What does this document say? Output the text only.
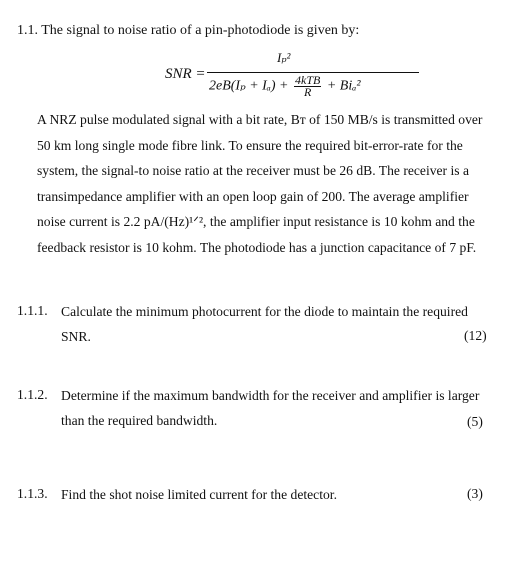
1.1. The signal to noise ratio of a pin-photodiode is given by:
SNR =
Iₚ²
$2eB(I_p + I_a) + \frac{\text{4kTB}}{R} + Bi_a^2$
A NRZ pulse modulated signal with a bit rate, Bᴛ of 150 MB/s is transmitted over
50 km long single mode fibre link. To ensure the required bit-error-rate for the
system, the signal-to noise ratio at the receiver must be 26 dB. The receiver is a
transimpedance amplifier with an open loop gain of 200. The average amplifier
noise current is 2.2 pA/(Hz)¹ᐟ², the amplifier input resistance is 10 kohm and the
feedback resistor is 10 kohm. The photodiode has a junction capacitance of 7 pF.
1.1.1. Calculate the minimum photocurrent for the diode to maintain the required
SNR.	(12)
1.1.2. Determine if the maximum bandwidth for the receiver and amplifier is larger
than the required bandwidth.	(5)
1.1.3. Find the shot noise limited current for the detector.	(3)
